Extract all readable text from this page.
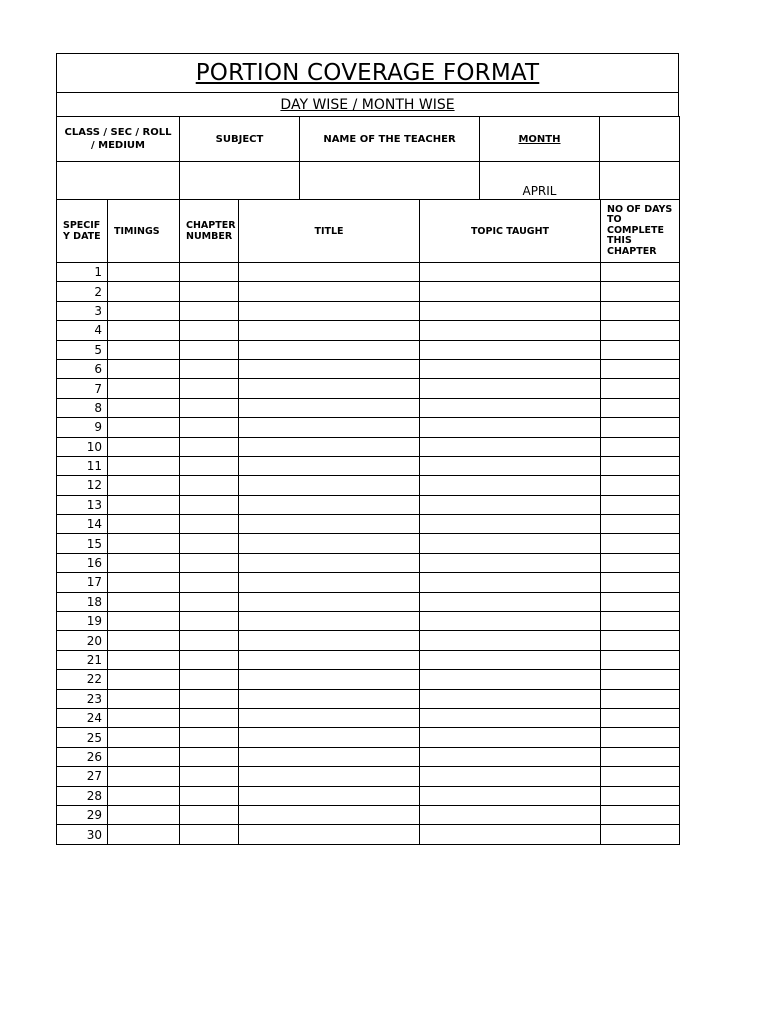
PORTION COVERAGE FORMAT
DAY WISE / MONTH WISE
CLASS / SEC / ROLL / MEDIUM	SUBJECT	NAME OF THE TEACHER	MONTH	
			APRIL	
SPECIF Y DATE	TIMINGS	CHAPTER NUMBER	TITLE	TOPIC TAUGHT	NO OF DAYS TO COMPLETE THIS CHAPTER
1					
2					
3					
4					
5					
6					
7					
8					
9					
10					
11					
12					
13					
14					
15					
16					
17					
18					
19					
20					
21					
22					
23					
24					
25					
26					
27					
28					
29					
30					
